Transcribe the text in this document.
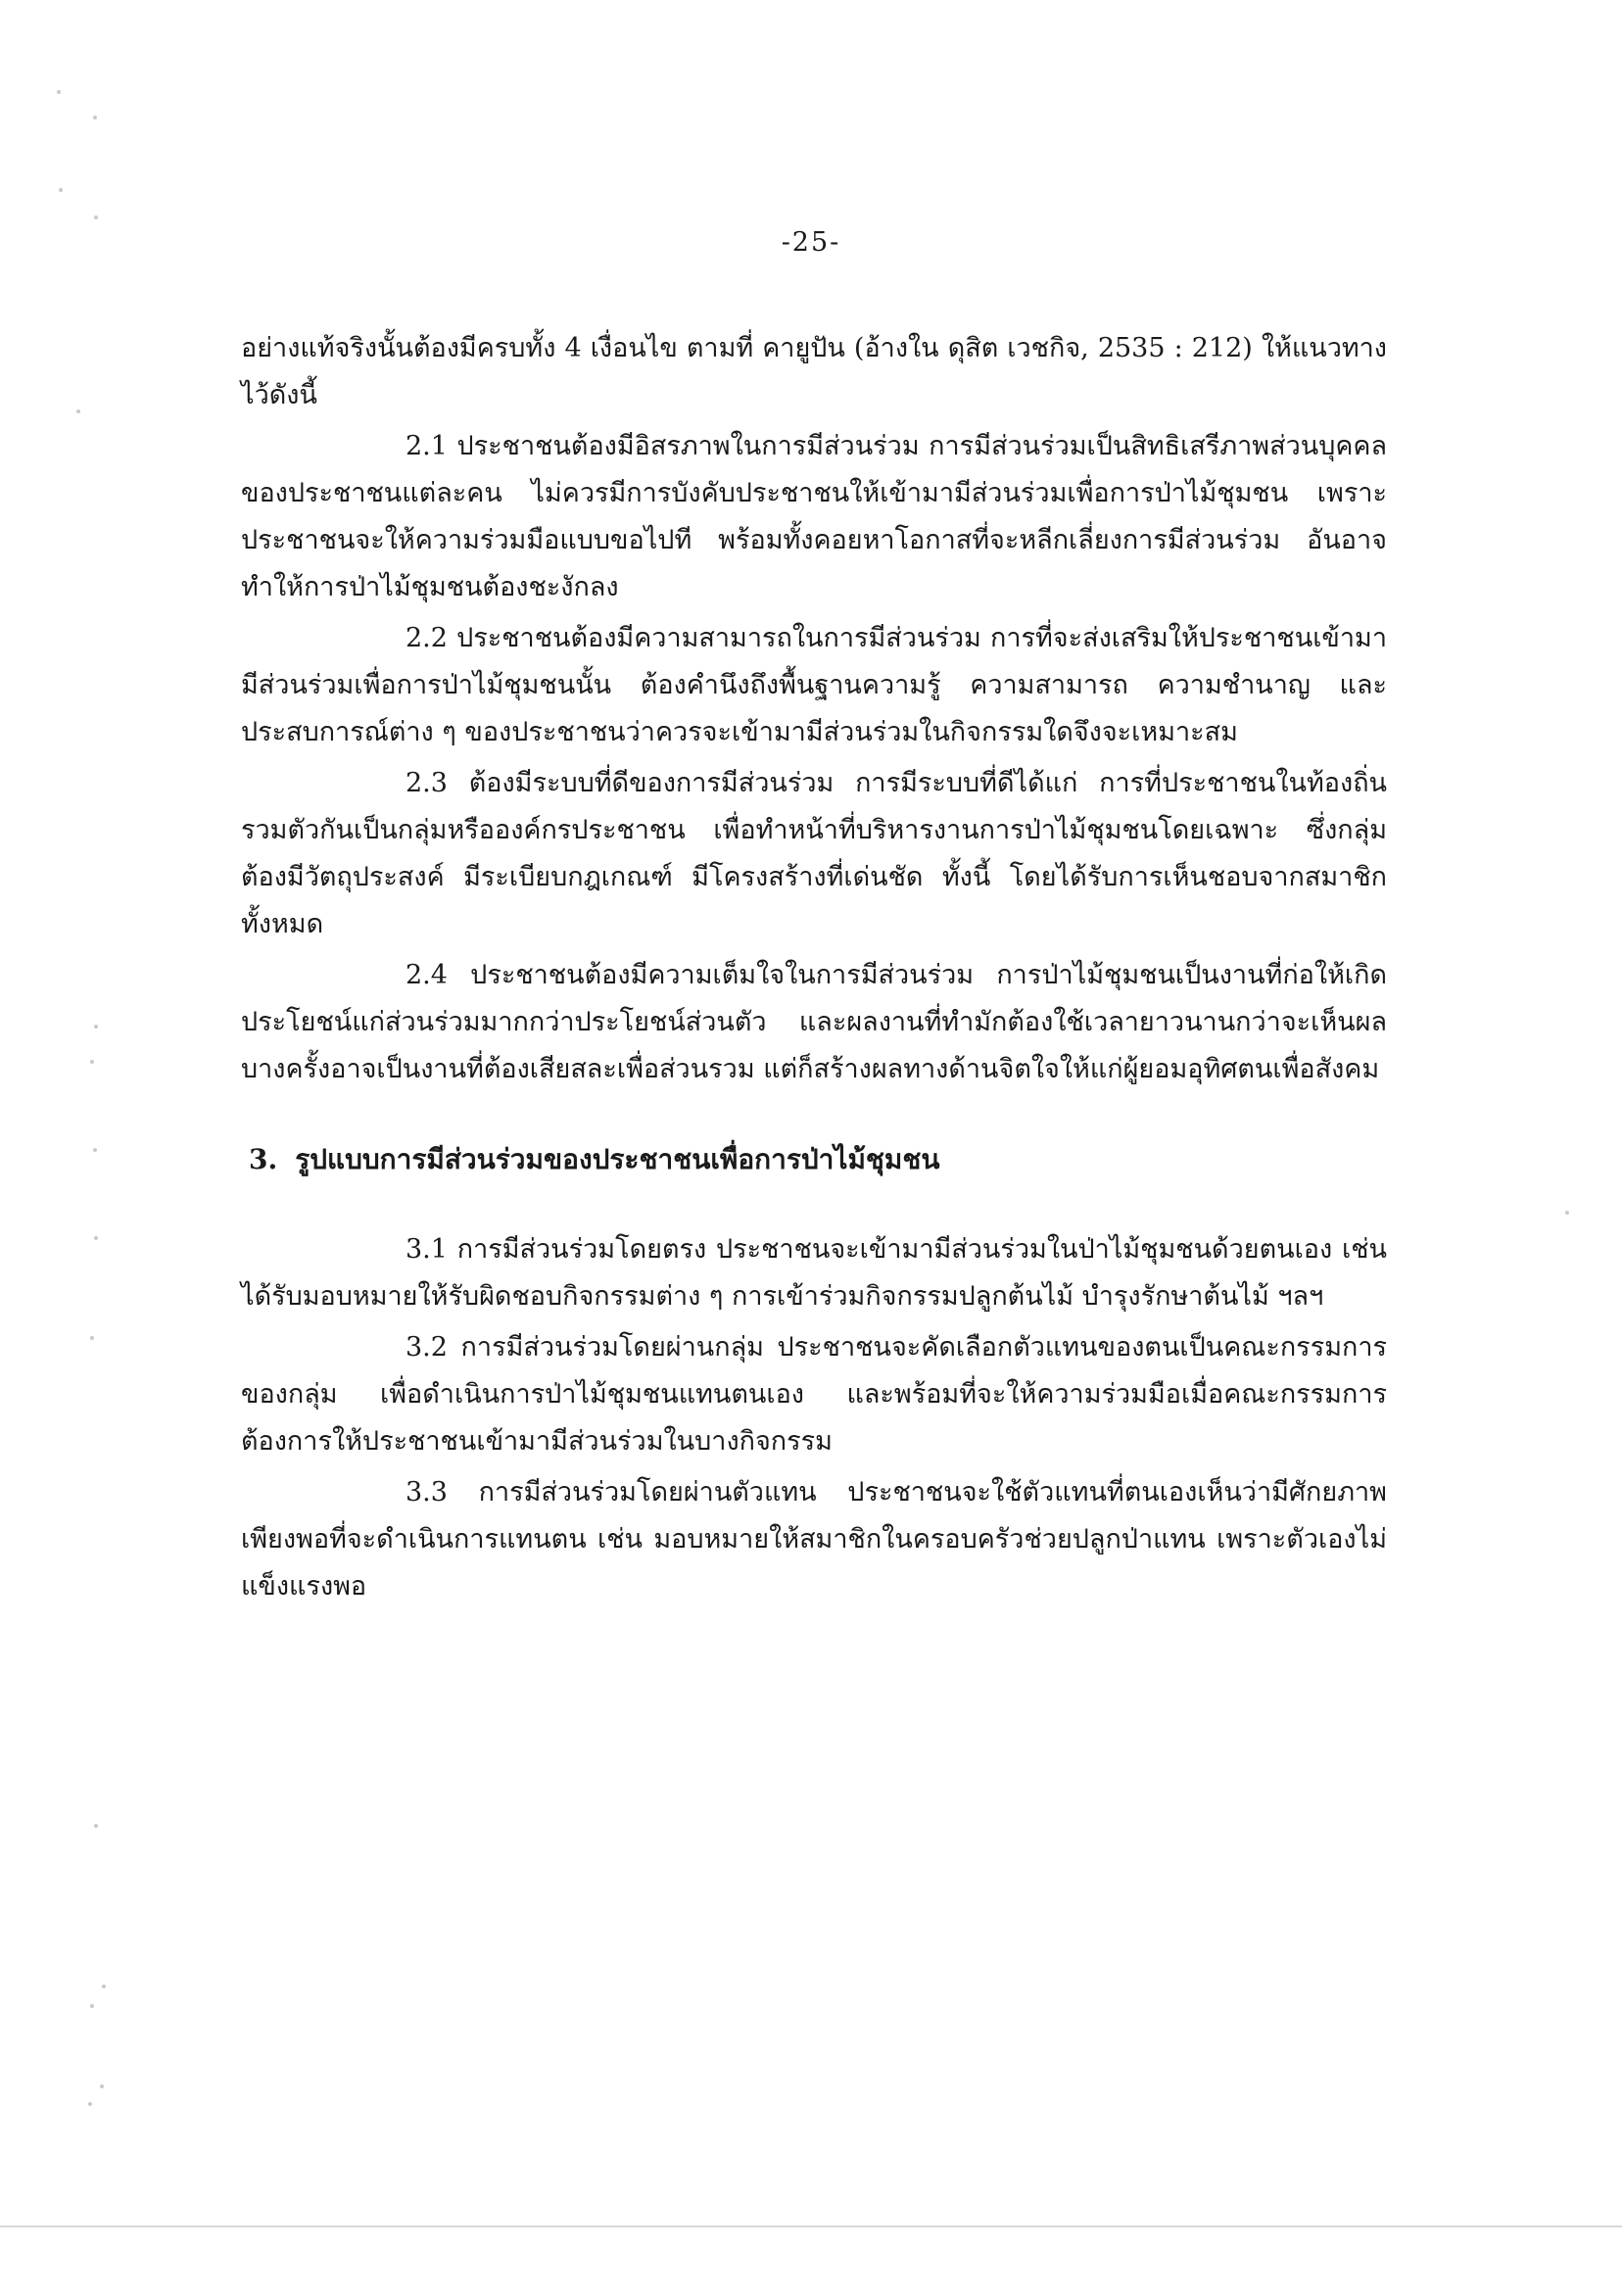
-25-

อย่างแท้จริงนั้นต้องมีครบทั้ง 4 เงื่อนไข ตามที่ คายูปัน (อ้างใน ดุสิต เวชกิจ, 2535 : 212) ให้แนวทาง ไว้ดังนี้

2.1 ประชาชนต้องมีอิสรภาพในการมีส่วนร่วม การมีส่วนร่วมเป็นสิทธิเสรีภาพส่วนบุคคลของประชาชนแต่ละคน ไม่ควรมีการบังคับประชาชนให้เข้ามามีส่วนร่วมเพื่อการป่าไม้ชุมชน เพราะประชาชนจะให้ความร่วมมือแบบขอไปที พร้อมทั้งคอยหาโอกาสที่จะหลีกเลี่ยงการมีส่วนร่วม อันอาจทำให้การป่าไม้ชุมชนต้องชะงักลง

2.2 ประชาชนต้องมีความสามารถในการมีส่วนร่วม การที่จะส่งเสริมให้ประชาชนเข้ามามีส่วนร่วมเพื่อการป่าไม้ชุมชนนั้น ต้องคำนึงถึงพื้นฐานความรู้ ความสามารถ ความชำนาญ และประสบการณ์ต่าง ๆ ของประชาชนว่าควรจะเข้ามามีส่วนร่วมในกิจกรรมใดจึงจะเหมาะสม

2.3 ต้องมีระบบที่ดีของการมีส่วนร่วม การมีระบบที่ดีได้แก่ การที่ประชาชนในท้องถิ่นรวมตัวกันเป็นกลุ่มหรือองค์กรประชาชน เพื่อทำหน้าที่บริหารงานการป่าไม้ชุมชนโดยเฉพาะ ซึ่งกลุ่มต้องมีวัตถุประสงค์ มีระเบียบกฎเกณฑ์ มีโครงสร้างที่เด่นชัด ทั้งนี้ โดยได้รับการเห็นชอบจากสมาชิกทั้งหมด

2.4 ประชาชนต้องมีความเต็มใจในการมีส่วนร่วม การป่าไม้ชุมชนเป็นงานที่ก่อให้เกิดประโยชน์แก่ส่วนร่วมมากกว่าประโยชน์ส่วนตัว และผลงานที่ทำมักต้องใช้เวลายาวนานกว่าจะเห็นผล บางครั้งอาจเป็นงานที่ต้องเสียสละเพื่อส่วนรวม แต่ก็สร้างผลทางด้านจิตใจให้แก่ผู้ยอมอุทิศตนเพื่อสังคม

3. รูปแบบการมีส่วนร่วมของประชาชนเพื่อการป่าไม้ชุมชน

3.1 การมีส่วนร่วมโดยตรง ประชาชนจะเข้ามามีส่วนร่วมในป่าไม้ชุมชนด้วยตนเอง เช่น ได้รับมอบหมายให้รับผิดชอบกิจกรรมต่าง ๆ การเข้าร่วมกิจกรรมปลูกต้นไม้ บำรุงรักษาต้นไม้ ฯลฯ

3.2 การมีส่วนร่วมโดยผ่านกลุ่ม ประชาชนจะคัดเลือกตัวแทนของตนเป็นคณะกรรมการของกลุ่ม เพื่อดำเนินการป่าไม้ชุมชนแทนตนเอง และพร้อมที่จะให้ความร่วมมือเมื่อคณะกรรมการต้องการให้ประชาชนเข้ามามีส่วนร่วมในบางกิจกรรม

3.3 การมีส่วนร่วมโดยผ่านตัวแทน ประชาชนจะใช้ตัวแทนที่ตนเองเห็นว่ามีศักยภาพเพียงพอที่จะดำเนินการแทนตน เช่น มอบหมายให้สมาชิกในครอบครัวช่วยปลูกป่าแทน เพราะตัวเองไม่แข็งแรงพอ
